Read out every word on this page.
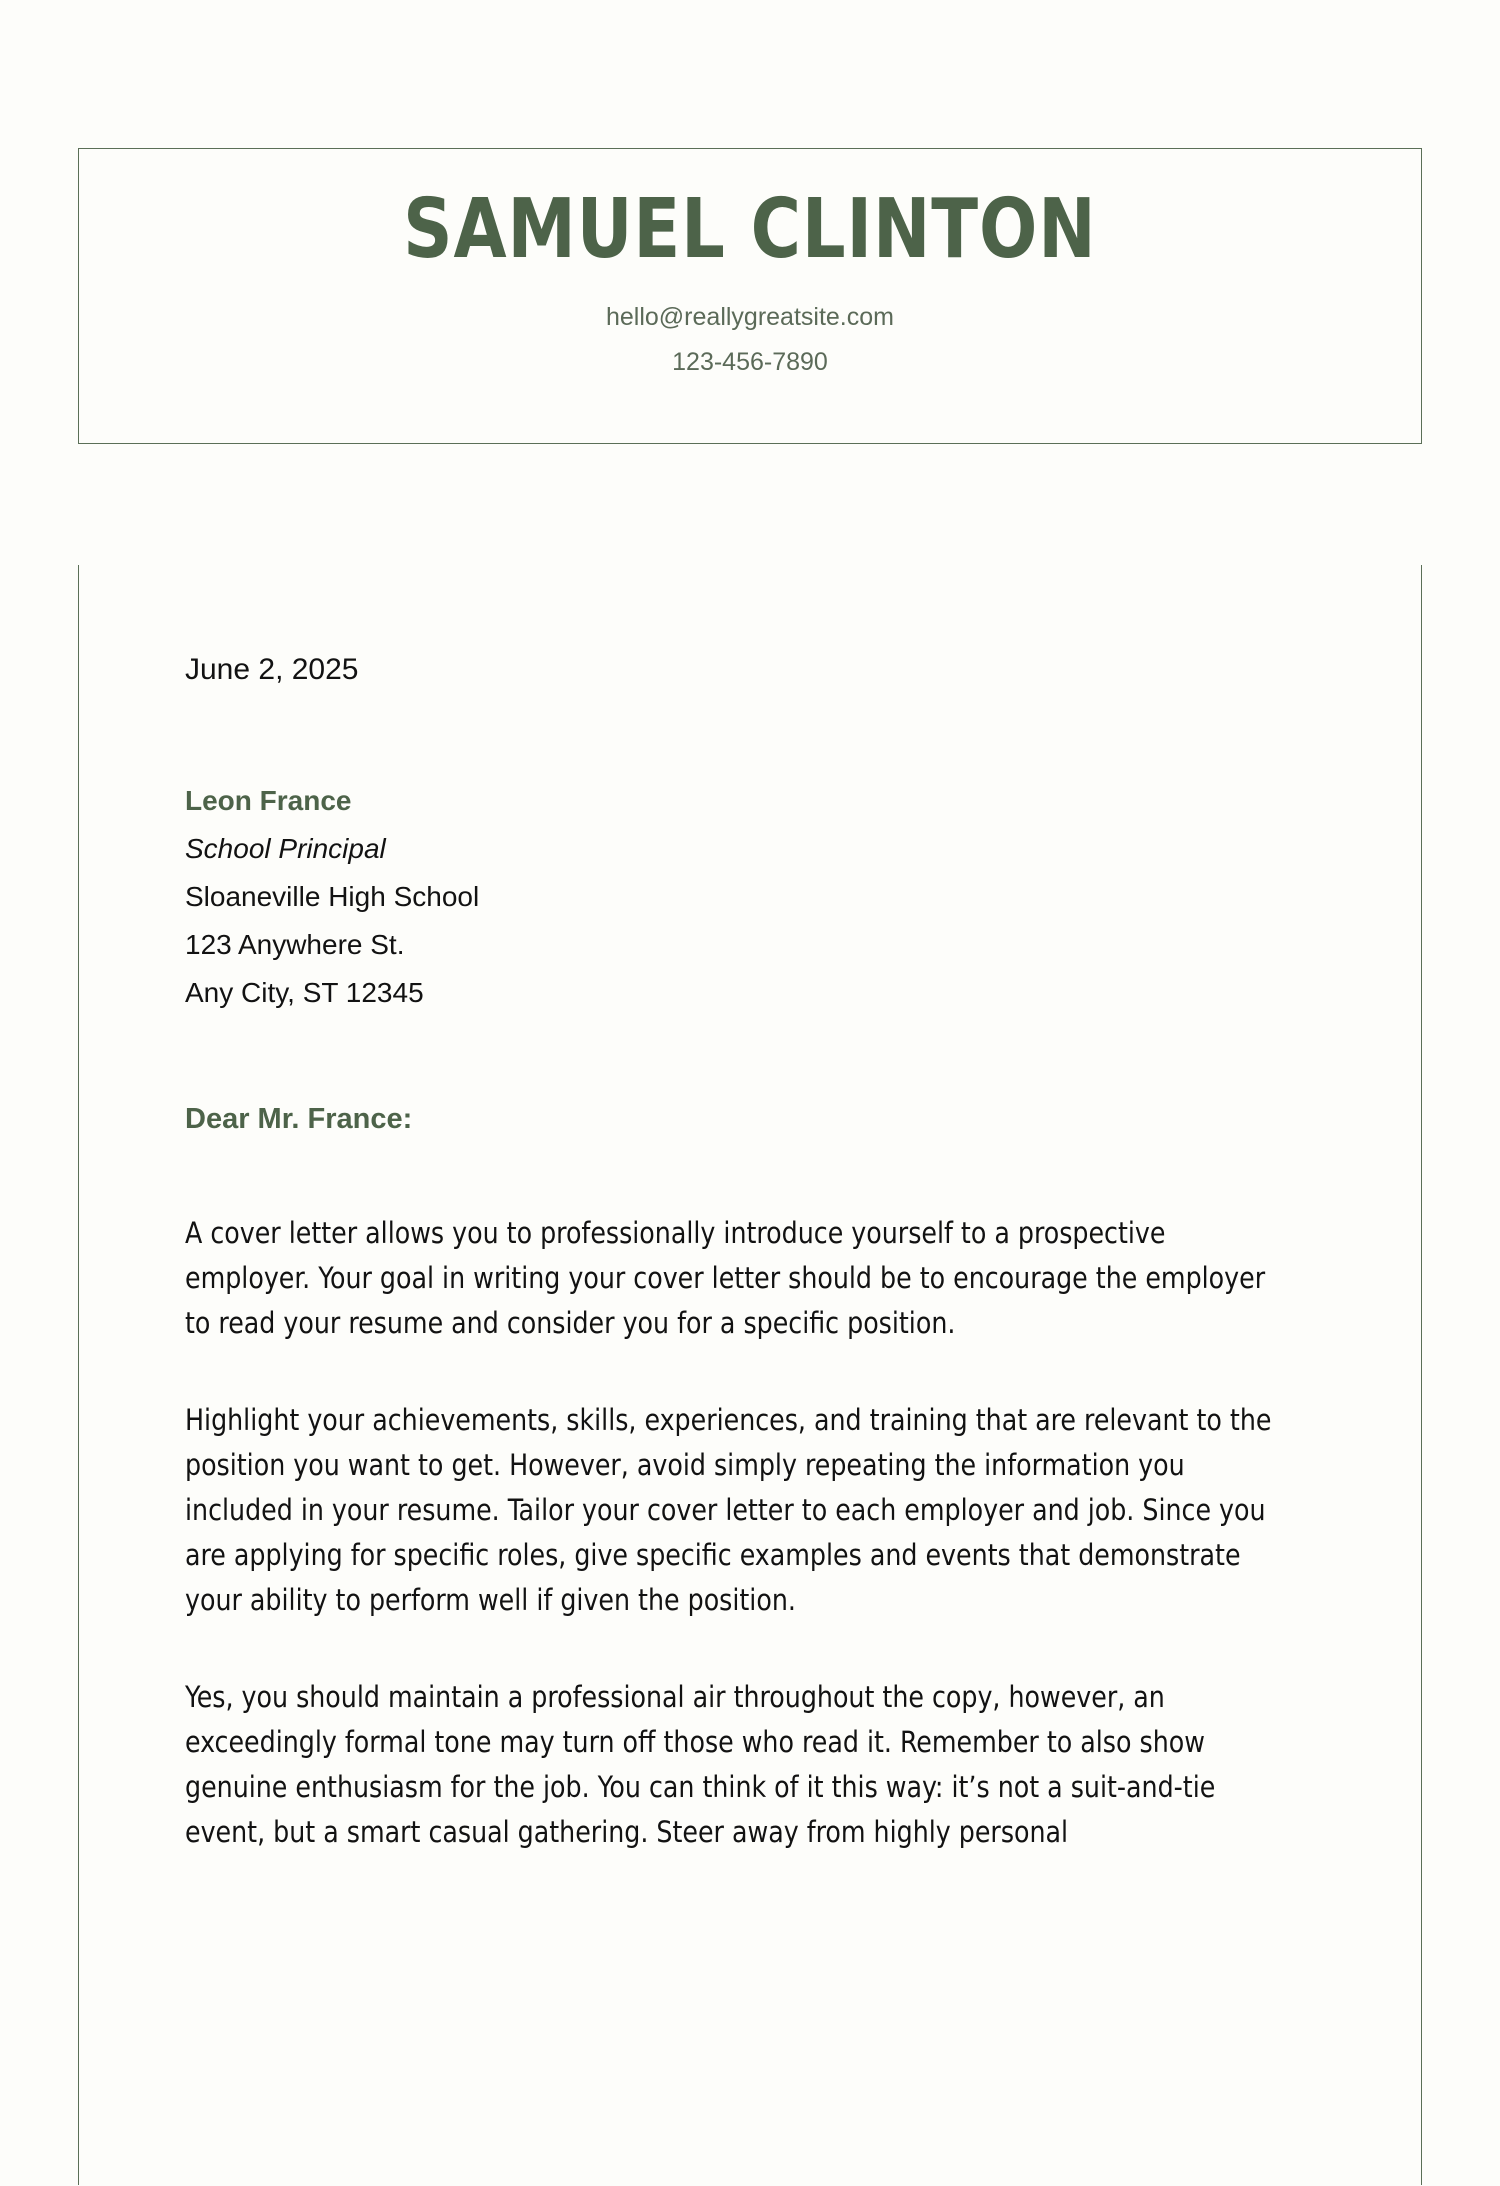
SAMUEL CLINTON
hello@reallygreatsite.com
123-456-7890
June 2, 2025
Leon France
School Principal
Sloaneville High School
123 Anywhere St.
Any City, ST 12345
Dear Mr. France:

A cover letter allows you to professionally introduce yourself to a prospective employer. Your goal in writing your cover letter should be to encourage the employer to read your resume and consider you for a specific position.

Highlight your achievements, skills, experiences, and training that are relevant to the position you want to get. However, avoid simply repeating the information you included in your resume. Tailor your cover letter to each employer and job. Since you are applying for specific roles, give specific examples and events that demonstrate your ability to perform well if given the position.

Yes, you should maintain a professional air throughout the copy, however, an exceedingly formal tone may turn off those who read it. Remember to also show genuine enthusiasm for the job. You can think of it this way: it’s not a suit-and-tie event, but a smart casual gathering. Steer away from highly personal
